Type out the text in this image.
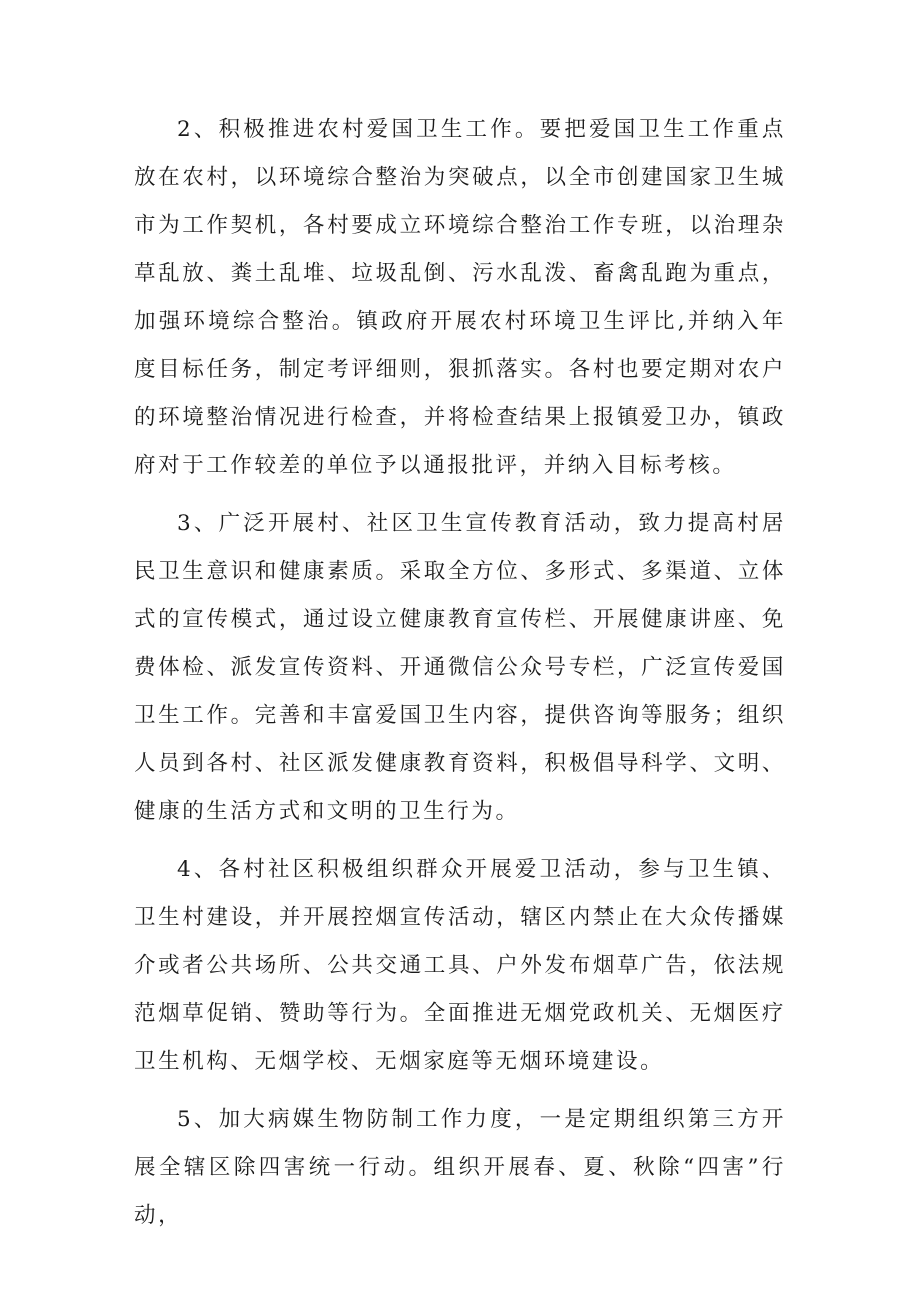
2、积极推进农村爱国卫生工作。要把爱国卫生工作重点放在农村，以环境综合整治为突破点，以全市创建国家卫生城市为工作契机，各村要成立环境综合整治工作专班，以治理杂草乱放、粪土乱堆、垃圾乱倒、污水乱泼、畜禽乱跑为重点，加强环境综合整治。镇政府开展农村环境卫生评比,并纳入年度目标任务，制定考评细则，狠抓落实。各村也要定期对农户的环境整治情况进行检查，并将检查结果上报镇爱卫办，镇政府对于工作较差的单位予以通报批评，并纳入目标考核。

3、广泛开展村、社区卫生宣传教育活动，致力提高村居民卫生意识和健康素质。采取全方位、多形式、多渠道、立体式的宣传模式，通过设立健康教育宣传栏、开展健康讲座、免费体检、派发宣传资料、开通微信公众号专栏，广泛宣传爱国卫生工作。完善和丰富爱国卫生内容，提供咨询等服务；组织人员到各村、社区派发健康教育资料，积极倡导科学、文明、健康的生活方式和文明的卫生行为。

4、各村社区积极组织群众开展爱卫活动，参与卫生镇、卫生村建设，并开展控烟宣传活动，辖区内禁止在大众传播媒介或者公共场所、公共交通工具、户外发布烟草广告，依法规范烟草促销、赞助等行为。全面推进无烟党政机关、无烟医疗卫生机构、无烟学校、无烟家庭等无烟环境建设。

5、加大病媒生物防制工作力度，一是定期组织第三方开展全辖区除四害统一行动。组织开展春、夏、秋除“四害”行动，
